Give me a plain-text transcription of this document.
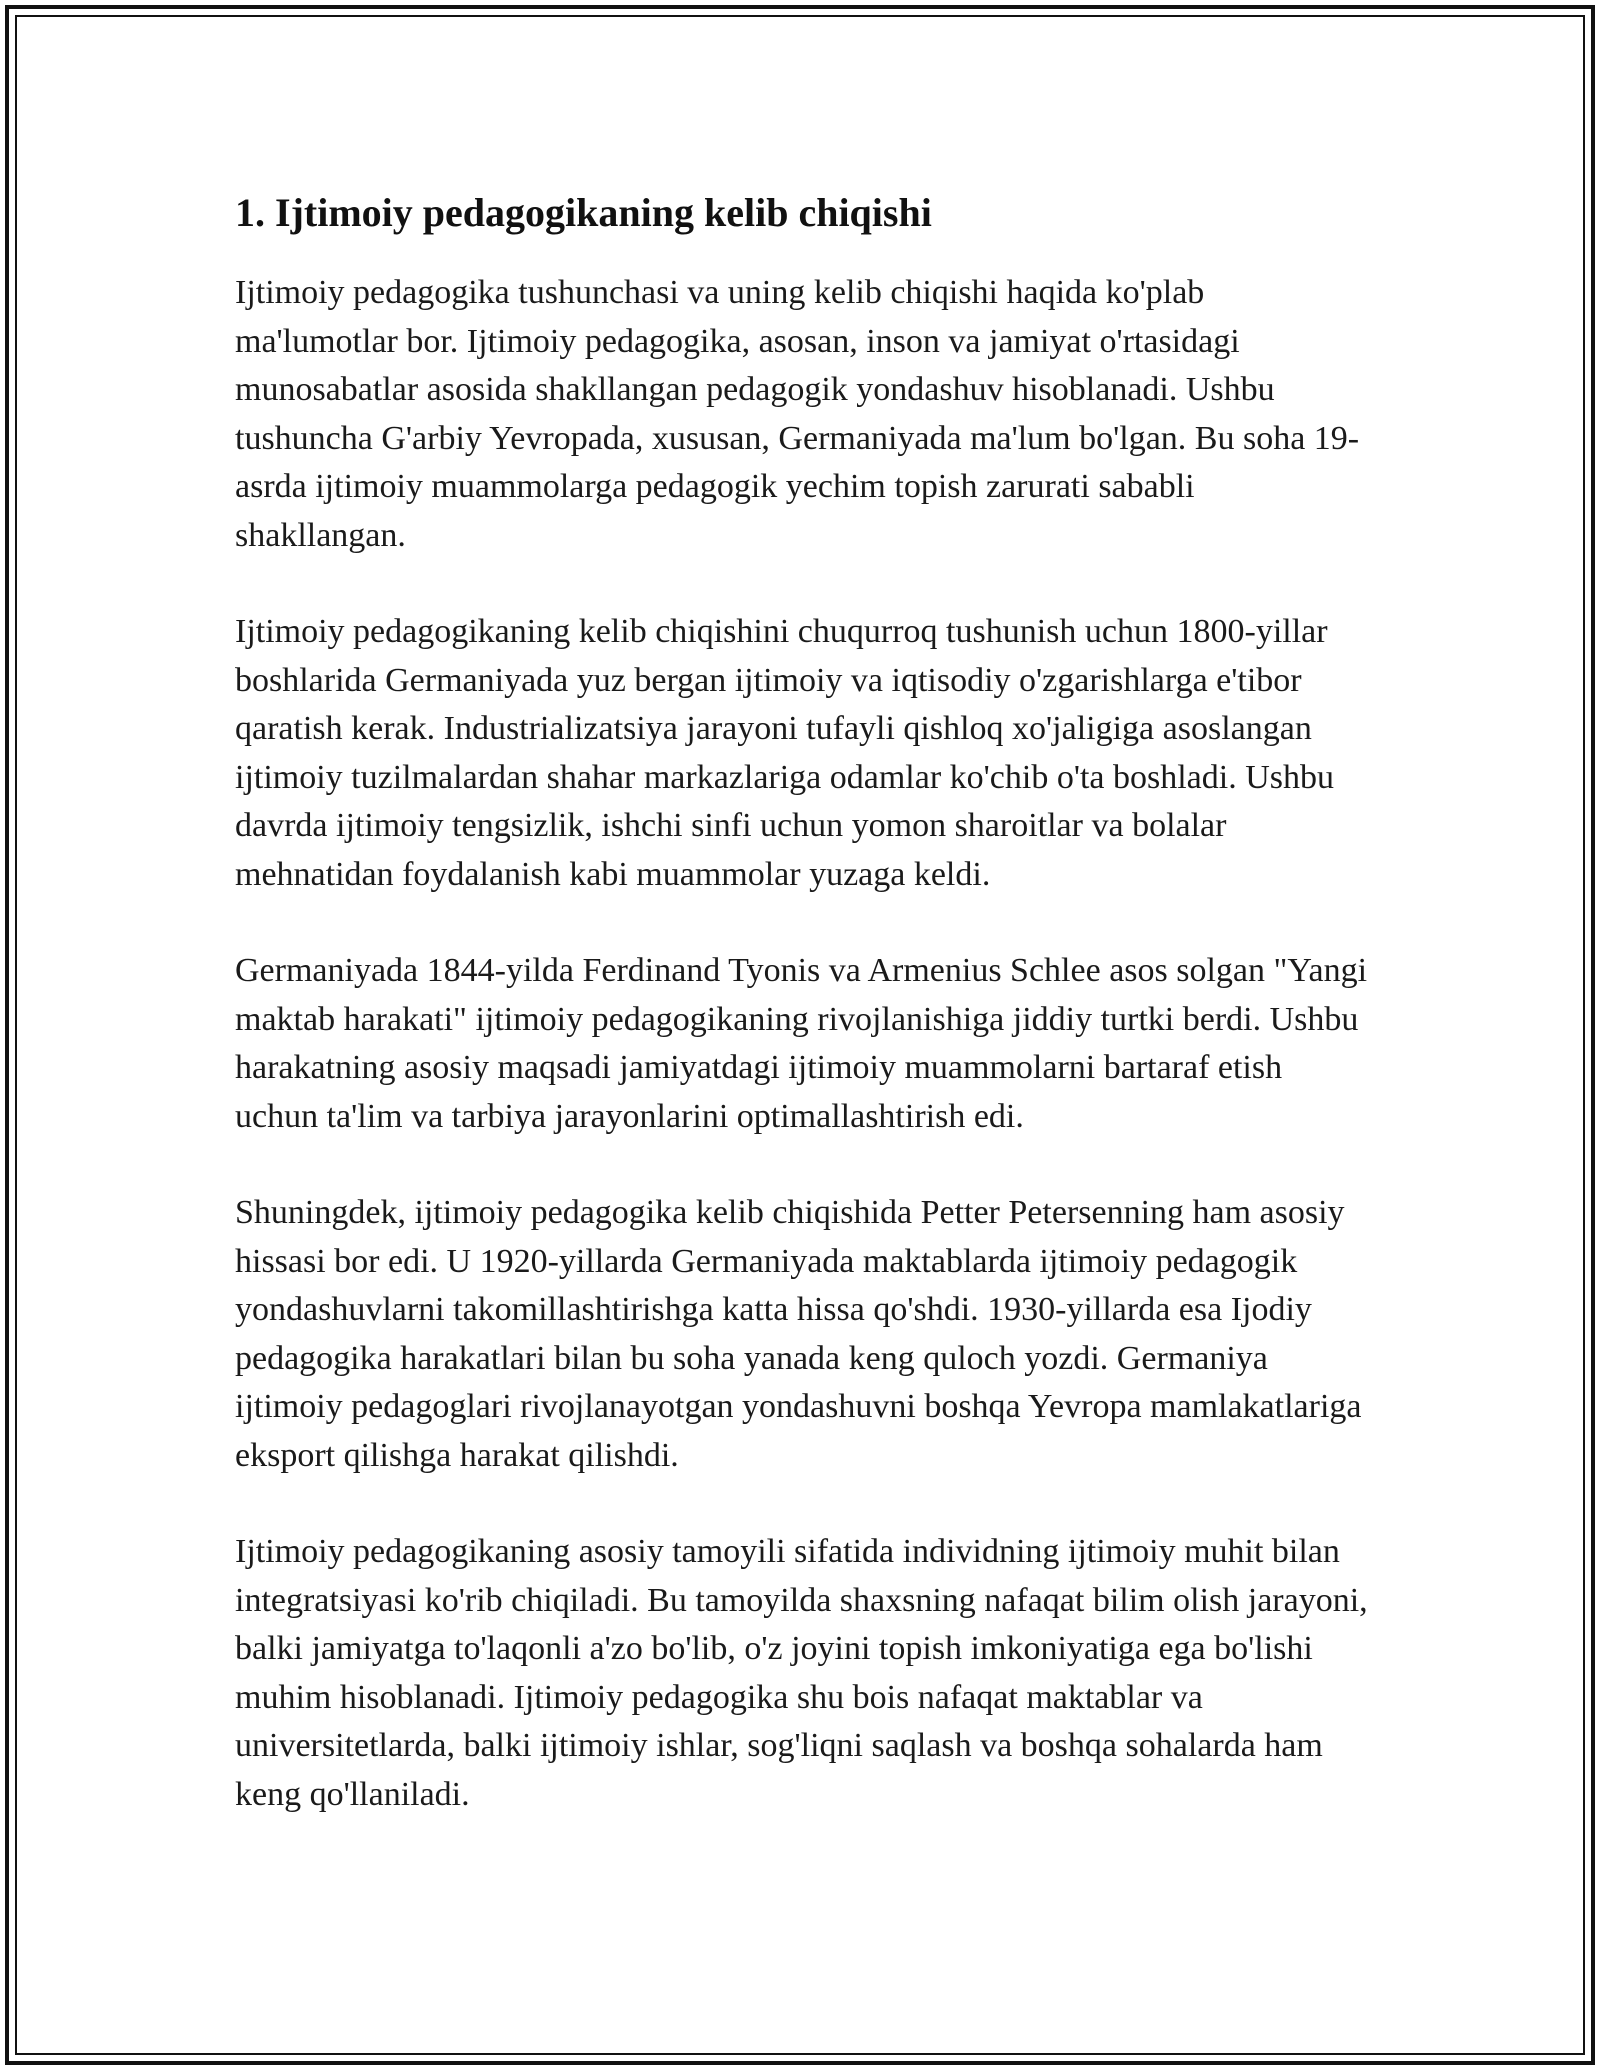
1. Ijtimoiy pedagogikaning kelib chiqishi

Ijtimoiy pedagogika tushunchasi va uning kelib chiqishi haqida ko'plab ma'lumotlar bor. Ijtimoiy pedagogika, asosan, inson va jamiyat o'rtasidagi munosabatlar asosida shakllangan pedagogik yondashuv hisoblanadi. Ushbu tushuncha G'arbiy Yevropada, xususan, Germaniyada ma'lum bo'lgan. Bu soha 19-asrda ijtimoiy muammolarga pedagogik yechim topish zarurati sababli shakllangan.

Ijtimoiy pedagogikaning kelib chiqishini chuqurroq tushunish uchun 1800-yillar boshlarida Germaniyada yuz bergan ijtimoiy va iqtisodiy o'zgarishlarga e'tibor qaratish kerak. Industrializatsiya jarayoni tufayli qishloq xo'jaligiga asoslangan ijtimoiy tuzilmalardan shahar markazlariga odamlar ko'chib o'ta boshladi. Ushbu davrda ijtimoiy tengsizlik, ishchi sinfi uchun yomon sharoitlar va bolalar mehnatidan foydalanish kabi muammolar yuzaga keldi.

Germaniyada 1844-yilda Ferdinand Tyonis va Armenius Schlee asos solgan "Yangi maktab harakati" ijtimoiy pedagogikaning rivojlanishiga jiddiy turtki berdi. Ushbu harakatning asosiy maqsadi jamiyatdagi ijtimoiy muammolarni bartaraf etish uchun ta'lim va tarbiya jarayonlarini optimallashtirish edi.

Shuningdek, ijtimoiy pedagogika kelib chiqishida Petter Petersenning ham asosiy hissasi bor edi. U 1920-yillarda Germaniyada maktablarda ijtimoiy pedagogik yondashuvlarni takomillashtirishga katta hissa qo'shdi. 1930-yillarda esa Ijodiy pedagogika harakatlari bilan bu soha yanada keng quloch yozdi. Germaniya ijtimoiy pedagoglari rivojlanayotgan yondashuvni boshqa Yevropa mamlakatlariga eksport qilishga harakat qilishdi.

Ijtimoiy pedagogikaning asosiy tamoyili sifatida individning ijtimoiy muhit bilan integratsiyasi ko'rib chiqiladi. Bu tamoyilda shaxsning nafaqat bilim olish jarayoni, balki jamiyatga to'laqonli a'zo bo'lib, o'z joyini topish imkoniyatiga ega bo'lishi muhim hisoblanadi. Ijtimoiy pedagogika shu bois nafaqat maktablar va universitetlarda, balki ijtimoiy ishlar, sog'liqni saqlash va boshqa sohalarda ham keng qo'llaniladi.
